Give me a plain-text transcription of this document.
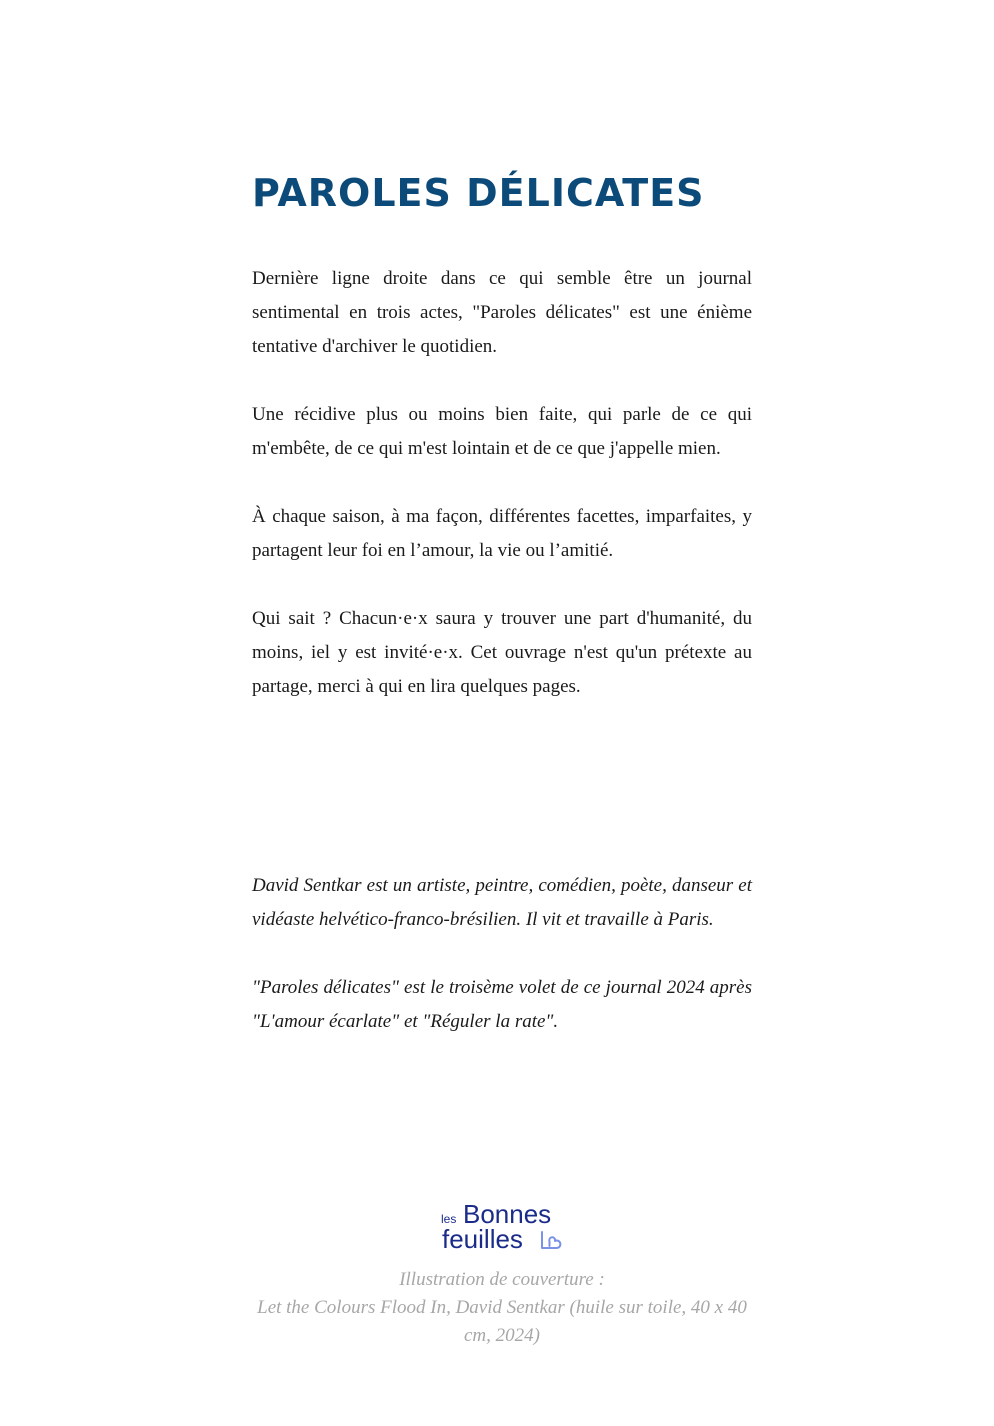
PAROLES DÉLICATES

Dernière ligne droite dans ce qui semble être un journal sentimental en trois actes, "Paroles délicates" est une énième tentative d'archiver le quotidien.

Une récidive plus ou moins bien faite, qui parle de ce qui m'embête, de ce qui m'est lointain et de ce que j'appelle mien.

À chaque saison, à ma façon, différentes facettes, imparfaites, y partagent leur foi en l’amour, la vie ou l’amitié.

Qui sait ? Chacun·e·x saura y trouver une part d'humanité, du moins, iel y est invité·e·x. Cet ouvrage n'est qu'un prétexte au partage, merci à qui en lira quelques pages.

David Sentkar est un artiste, peintre, comédien, poète, danseur et vidéaste helvético-franco-brésilien. Il vit et travaille à Paris.

"Paroles délicates" est le troisème volet de ce journal 2024 après "L'amour écarlate" et "Réguler la rate".

les Bonnes
feuilles
Illustration de couverture :
Let the Colours Flood In, David Sentkar (huile sur toile, 40 x 40 cm, 2024)
